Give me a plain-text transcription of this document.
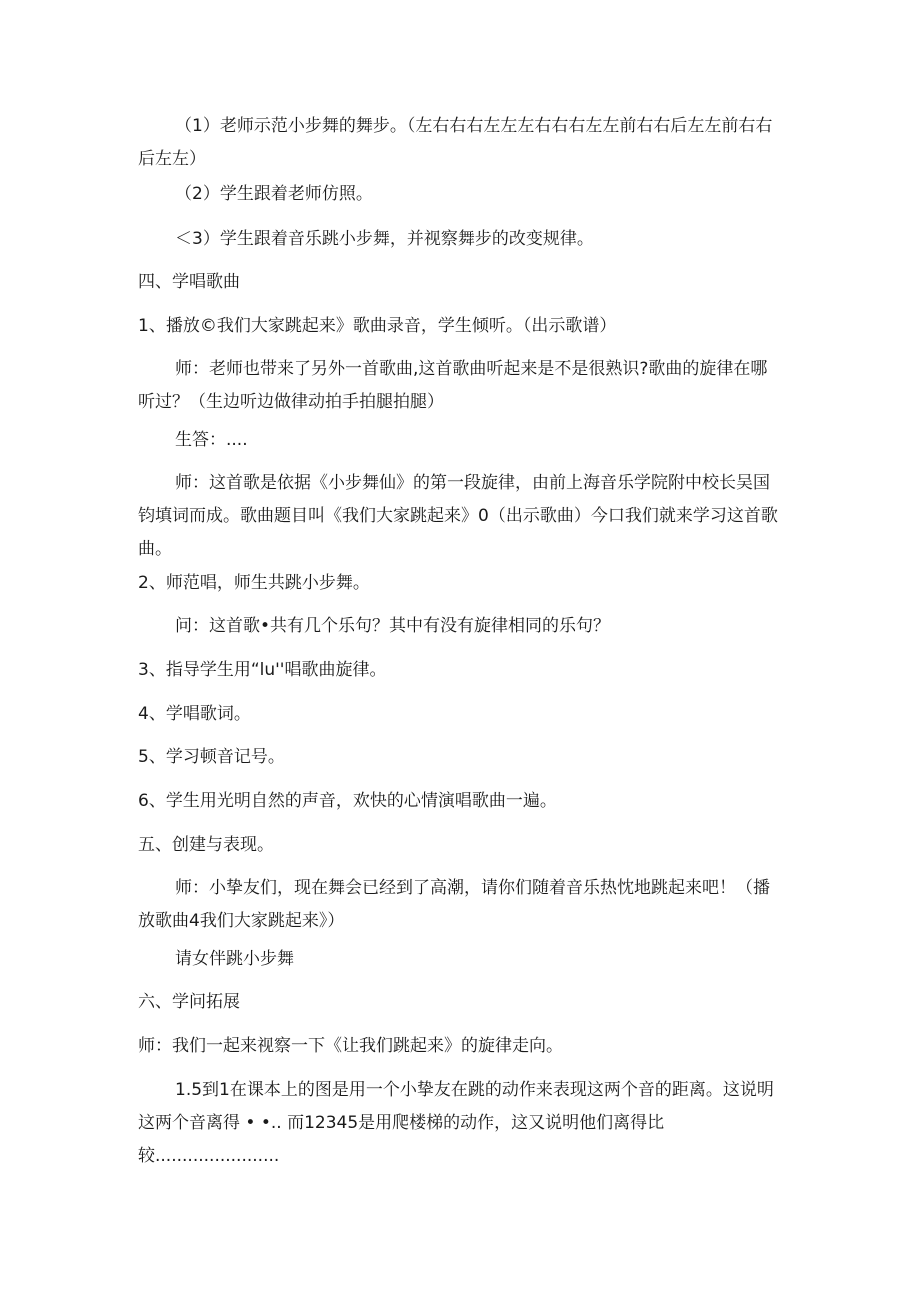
（1）老师示范小步舞的舞步。（左右右右左左左右右右左左前右右后左左前右右后左左）

（2）学生跟着老师仿照。

＜3）学生跟着音乐跳小步舞，并视察舞步的改变规律。

四、学唱歌曲

1、播放©我们大家跳起来》歌曲录音，学生倾听。（出示歌谱）

师：老师也带来了另外一首歌曲,这首歌曲听起来是不是很熟识?歌曲的旋律在哪听过？（生边听边做律动拍手拍腿拍腿）

生答：....

师：这首歌是依据《小步舞仙》的第一段旋律，由前上海音乐学院附中校长吴国钧填词而成。歌曲题目叫《我们大家跳起来》0（出示歌曲）今口我们就来学习这首歌曲。

2、师范唱，师生共跳小步舞。

问：这首歌•共有几个乐句？其中有没有旋律相同的乐句？

3、指导学生用“lu''唱歌曲旋律。

4、学唱歌词。

5、学习顿音记号。

6、学生用光明自然的声音，欢快的心情演唱歌曲一遍。

五、创建与表现。

师：小挚友们，现在舞会已经到了高潮，请你们随着音乐热忱地跳起来吧！（播放歌曲4我们大家跳起来》）

请女伴跳小步舞

六、学问拓展

师：我们一起来视察一下《让我们跳起来》的旋律走向。

1.5到1在课本上的图是用一个小挚友在跳的动作来表现这两个音的距离。这说明这两个音离得 • •.. 而12345是用爬楼梯的动作，这又说明他们离得比较.......................
